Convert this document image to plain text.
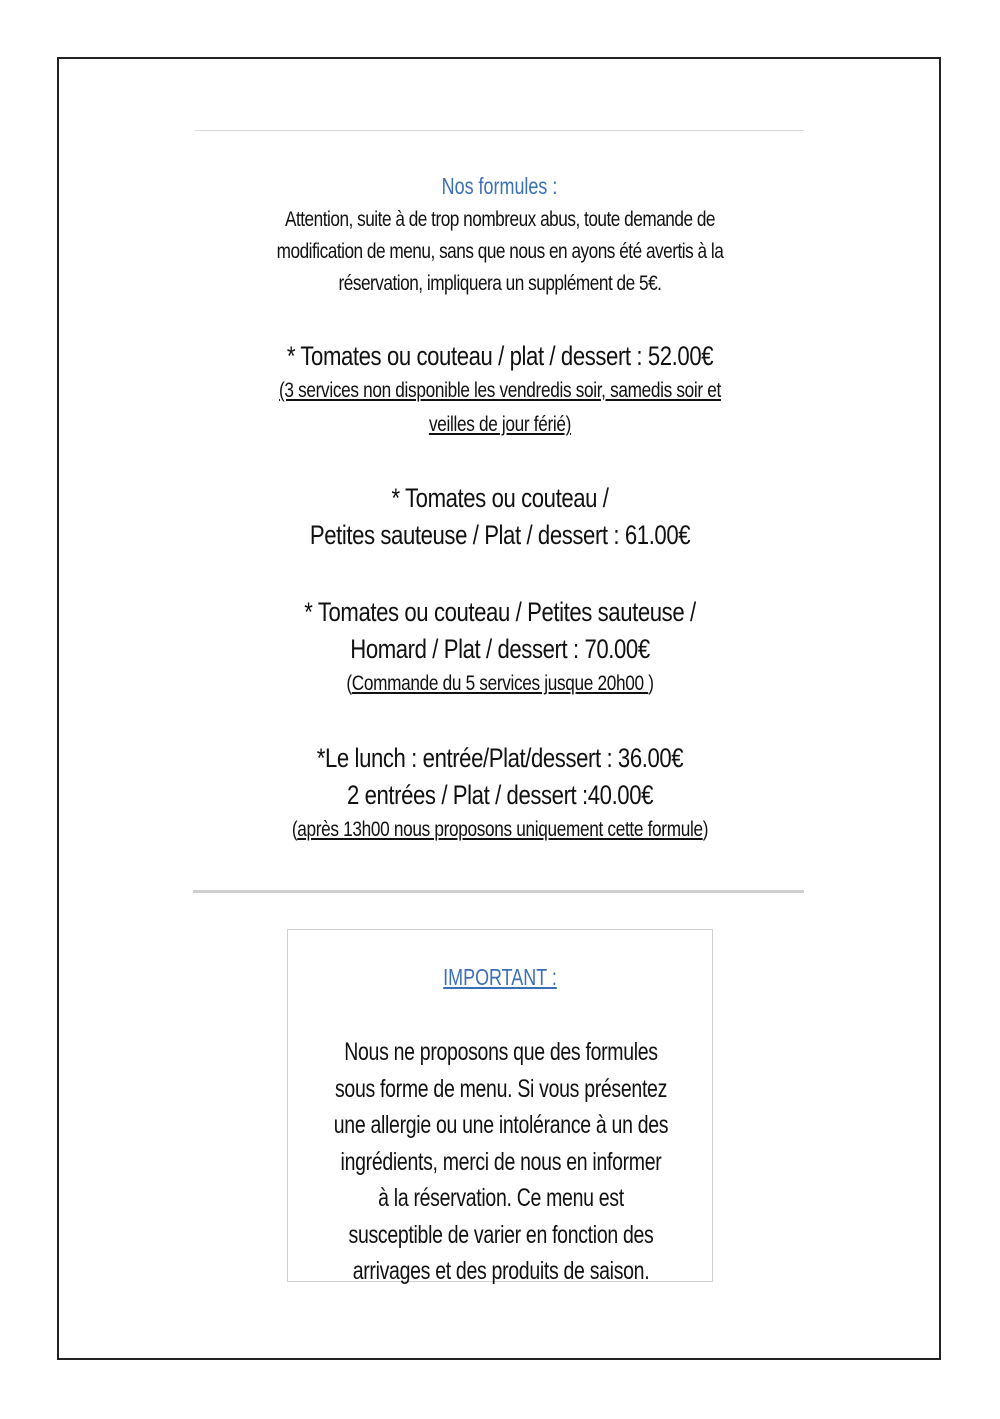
Nos formules :
Attention, suite à de trop nombreux abus, toute demande de
modification de menu, sans que nous en ayons été avertis à la
réservation, impliquera un supplément de 5€.
* Tomates ou couteau / plat / dessert : 52.00€
(3 services non disponible les vendredis soir, samedis soir et
veilles de jour férié)
* Tomates ou couteau /
Petites sauteuse / Plat / dessert : 61.00€
* Tomates ou couteau / Petites sauteuse /
Homard / Plat / dessert : 70.00€
(Commande du 5 services jusque 20h00 )
*Le lunch : entrée/Plat/dessert : 36.00€
2 entrées / Plat / dessert :40.00€
(après 13h00 nous proposons uniquement cette formule)
IMPORTANT :
Nous ne proposons que des formules
sous forme de menu. Si vous présentez
une allergie ou une intolérance à un des
ingrédients, merci de nous en informer
à la réservation. Ce menu est
susceptible de varier en fonction des
arrivages et des produits de saison.
